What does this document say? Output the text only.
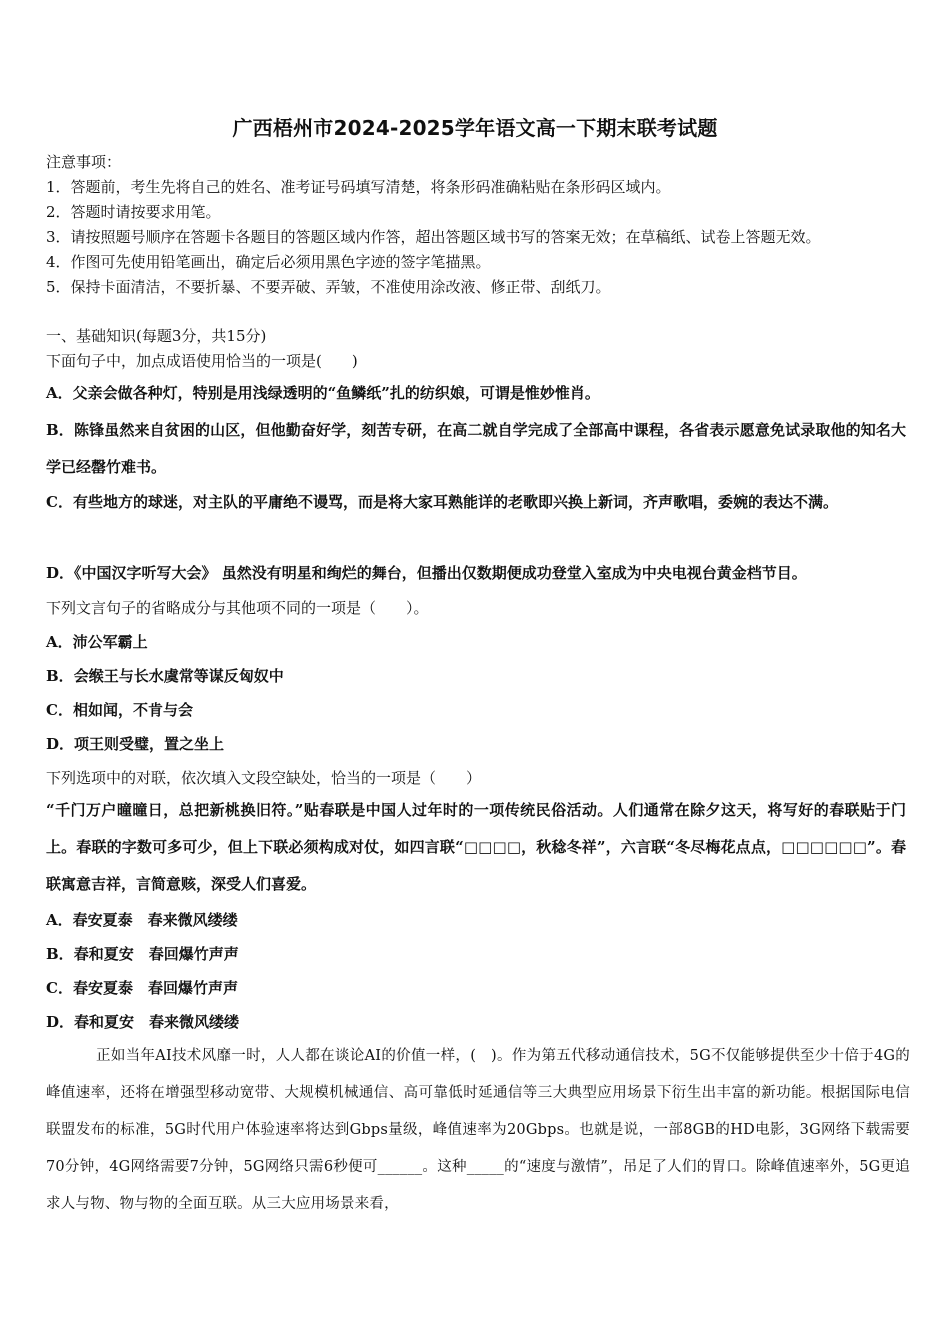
广西梧州市2024-2025学年语文高一下期末联考试题
注意事项：
1．答题前，考生先将自己的姓名、准考证号码填写清楚，将条形码准确粘贴在条形码区域内。
2．答题时请按要求用笔。
3．请按照题号顺序在答题卡各题目的答题区域内作答，超出答题区域书写的答案无效；在草稿纸、试卷上答题无效。
4．作图可先使用铅笔画出，确定后必须用黑色字迹的签字笔描黑。
5．保持卡面清洁，不要折暴、不要弄破、弄皱，不准使用涂改液、修正带、刮纸刀。
一、基础知识(每题3分，共15分)
下面句子中，加点成语使用恰当的一项是(　　)
A．父亲会做各种灯，特别是用浅绿透明的“鱼鳞纸”扎的纺织娘，可谓是惟妙惟肖。
B．陈锋虽然来自贫困的山区，但他勤奋好学，刻苦专研，在高二就自学完成了全部高中课程，各省表示愿意免试录取他的知名大学已经罄竹难书。
C．有些地方的球迷，对主队的平庸绝不谩骂，而是将大家耳熟能详的老歌即兴换上新词，齐声歌唱，委婉的表达不满。
D．《中国汉字听写大会》 虽然没有明星和绚烂的舞台，但播出仅数期便成功登堂入室成为中央电视台黄金档节目。
下列文言句子的省略成分与其他项不同的一项是（　　）。
A．沛公军霸上
B．会缑王与长水虞常等谋反匈奴中
C．相如闻，不肯与会
D．项王则受璧，置之坐上
下列选项中的对联，依次填入文段空缺处，恰当的一项是（　　）
“千门万户曈曈日，总把新桃换旧符。”贴春联是中国人过年时的一项传统民俗活动。人们通常在除夕这天，将写好的春联贴于门上。春联的字数可多可少，但上下联必须构成对仗，如四言联“□□□□，秋稔冬祥”，六言联“冬尽梅花点点，□□□□□□”。春联寓意吉祥，言简意赅，深受人们喜爱。
A．春安夏泰　春来微风缕缕
B．春和夏安　春回爆竹声声
C．春安夏泰　春回爆竹声声
D．春和夏安　春来微风缕缕
正如当年AI技术风靡一时，人人都在谈论AI的价值一样，(　)。作为第五代移动通信技术，5G不仅能够提供至少十倍于4G的峰值速率，还将在增强型移动宽带、大规模机械通信、高可靠低时延通信等三大典型应用场景下衍生出丰富的新功能。根据国际电信联盟发布的标准，5G时代用户体验速率将达到Gbps量级，峰值速率为20Gbps。也就是说，一部8GB的HD电影，3G网络下载需要70分钟，4G网络需要7分钟，5G网络只需6秒便可______。这种_____的“速度与激情”，吊足了人们的胃口。除峰值速率外，5G更追求人与物、物与物的全面互联。从三大应用场景来看，
